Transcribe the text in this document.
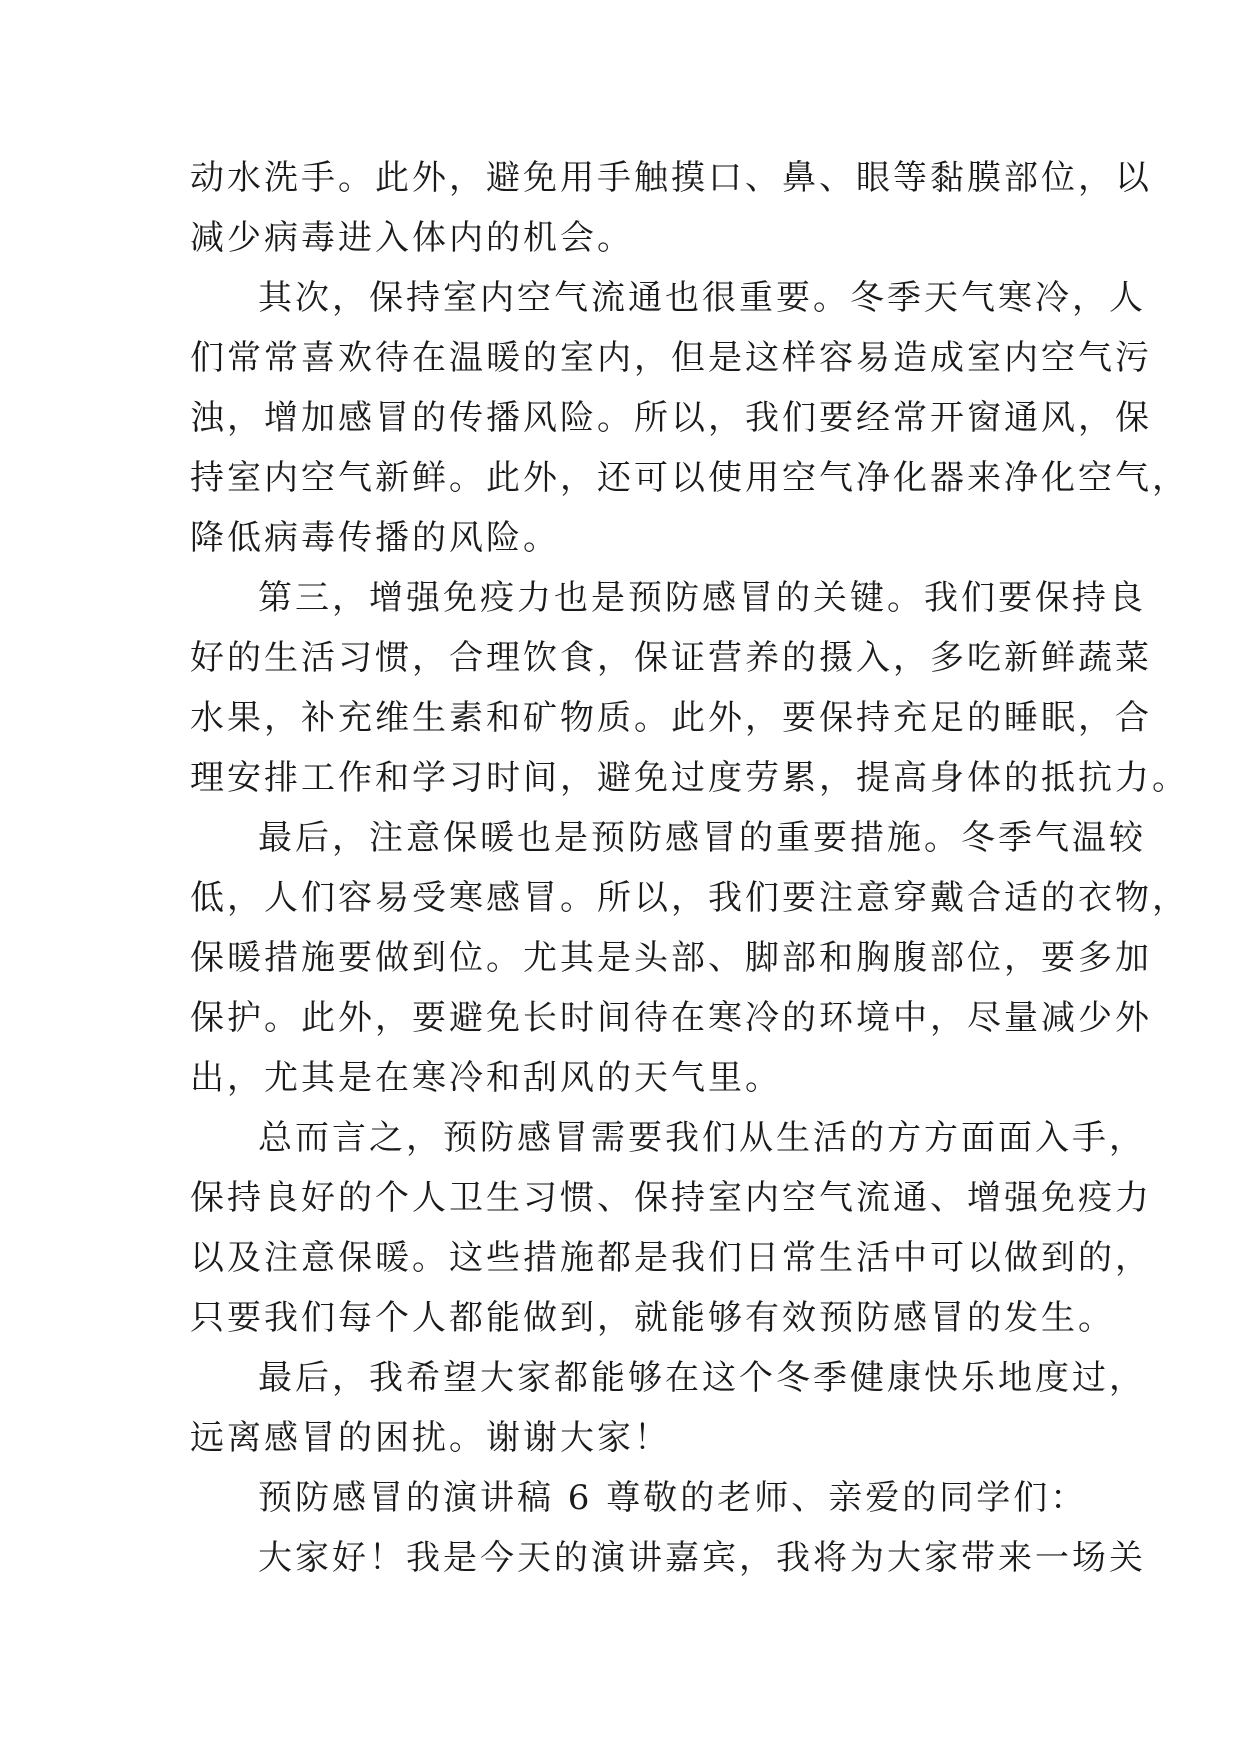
动水洗手。此外，避免用手触摸口、鼻、眼等黏膜部位，以
减少病毒进入体内的机会。
其次，保持室内空气流通也很重要。冬季天气寒冷，人
们常常喜欢待在温暖的室内，但是这样容易造成室内空气污
浊，增加感冒的传播风险。所以，我们要经常开窗通风，保
持室内空气新鲜。此外，还可以使用空气净化器来净化空气，
降低病毒传播的风险。
第三，增强免疫力也是预防感冒的关键。我们要保持良
好的生活习惯，合理饮食，保证营养的摄入，多吃新鲜蔬菜
水果，补充维生素和矿物质。此外，要保持充足的睡眠，合
理安排工作和学习时间，避免过度劳累，提高身体的抵抗力。
最后，注意保暖也是预防感冒的重要措施。冬季气温较
低，人们容易受寒感冒。所以，我们要注意穿戴合适的衣物，
保暖措施要做到位。尤其是头部、脚部和胸腹部位，要多加
保护。此外，要避免长时间待在寒冷的环境中，尽量减少外
出，尤其是在寒冷和刮风的天气里。
总而言之，预防感冒需要我们从生活的方方面面入手，
保持良好的个人卫生习惯、保持室内空气流通、增强免疫力
以及注意保暖。这些措施都是我们日常生活中可以做到的，
只要我们每个人都能做到，就能够有效预防感冒的发生。
最后，我希望大家都能够在这个冬季健康快乐地度过，
远离感冒的困扰。谢谢大家！
预防感冒的演讲稿 6 尊敬的老师、亲爱的同学们：
大家好！我是今天的演讲嘉宾，我将为大家带来一场关
